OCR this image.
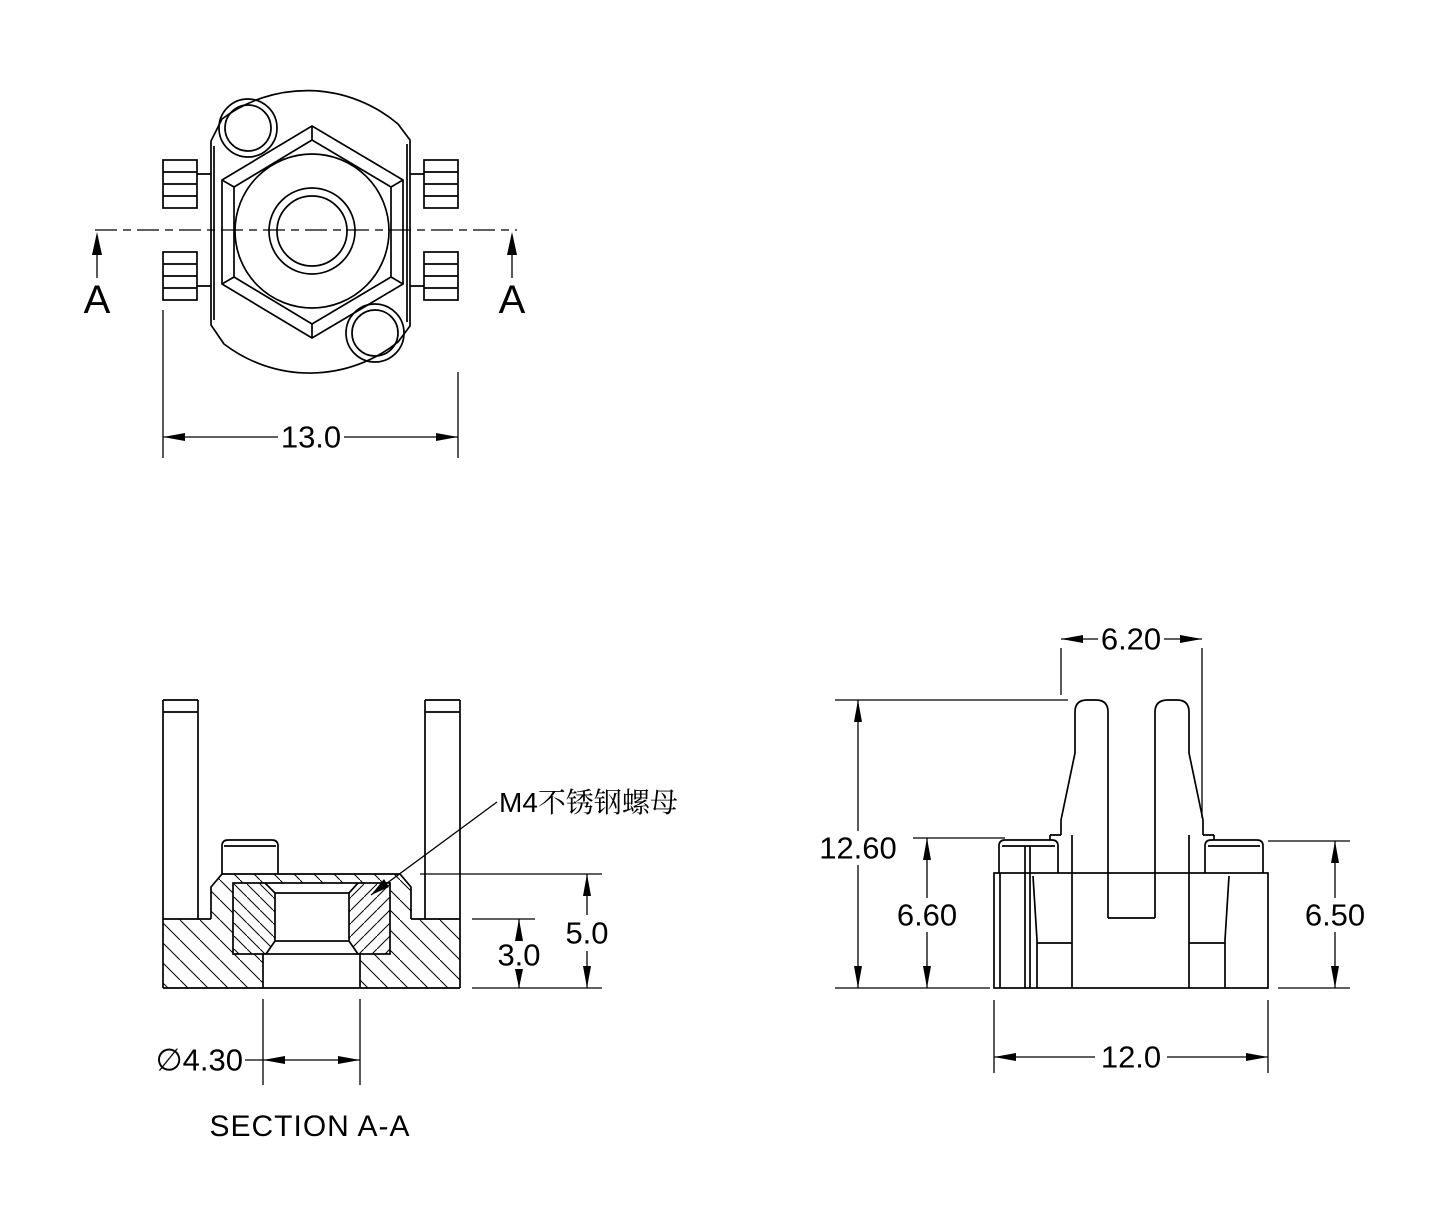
A	A
13.0
M4不锈钢螺母
5.0
3.0
∅4.30
SECTION A-A
6.20
12.60
6.60	6.50
12.0
